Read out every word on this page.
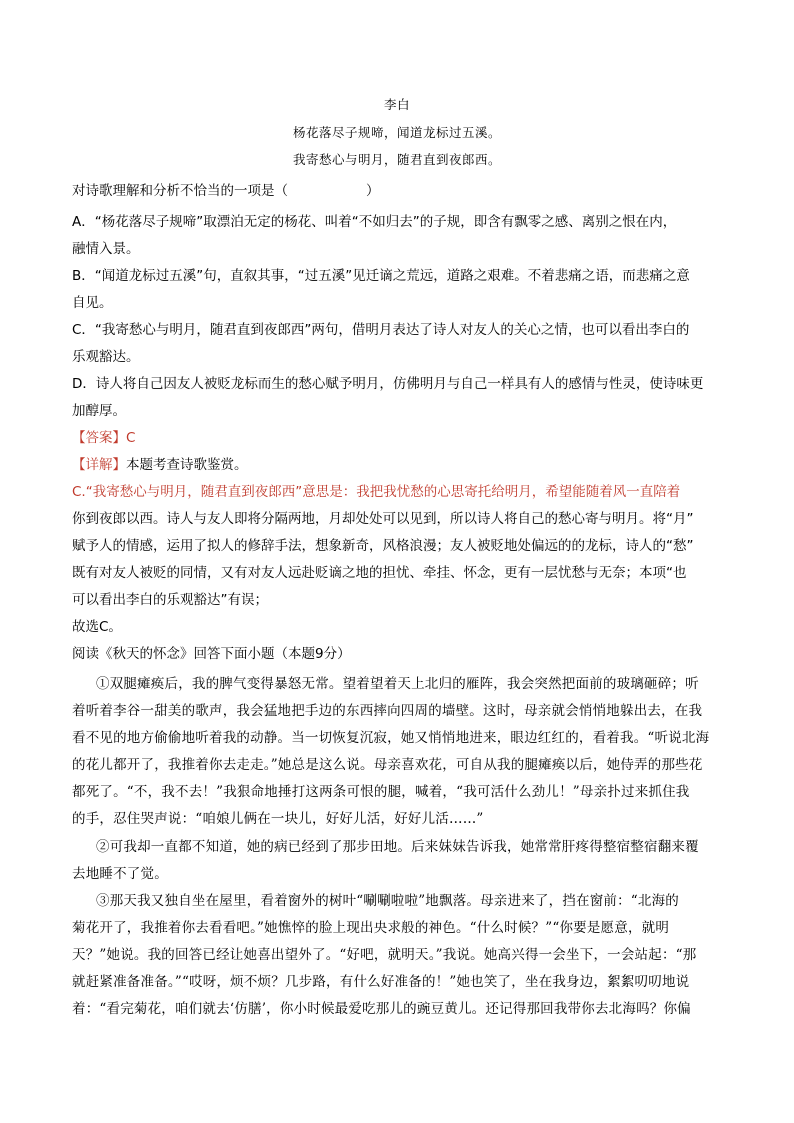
李白
杨花落尽子规啼，闻道龙标过五溪。
我寄愁心与明月，随君直到夜郎西。
对诗歌理解和分析不恰当的一项是（	）
A．“杨花落尽子规啼”取漂泊无定的杨花、叫着“不如归去”的子规，即含有飘零之感、离别之恨在内，
融情入景。
B．“闻道龙标过五溪”句，直叙其事，“过五溪”见迁谪之荒远，道路之艰难。不着悲痛之语，而悲痛之意
自见。
C．“我寄愁心与明月，随君直到夜郎西”两句，借明月表达了诗人对友人的关心之情，也可以看出李白的
乐观豁达。
D．诗人将自己因友人被贬龙标而生的愁心赋予明月，仿佛明月与自己一样具有人的感情与性灵，使诗味更
加醇厚。
【答案】C
【详解】本题考查诗歌鉴赏。
C.“我寄愁心与明月，随君直到夜郎西”意思是：我把我忧愁的心思寄托给明月，希望能随着风一直陪着
你到夜郎以西。诗人与友人即将分隔两地，月却处处可以见到，所以诗人将自己的愁心寄与明月。将“月”
赋予人的情感，运用了拟人的修辞手法，想象新奇，风格浪漫；友人被贬地处偏远的的龙标，诗人的“愁”
既有对友人被贬的同情，又有对友人远赴贬谪之地的担忧、牵挂、怀念，更有一层忧愁与无奈；本项“也
可以看出李白的乐观豁达”有误；
故选C。
阅读《秋天的怀念》回答下面小题（本题9分）
①双腿瘫痪后，我的脾气变得暴怒无常。望着望着天上北归的雁阵，我会突然把面前的玻璃砸碎；听
着听着李谷一甜美的歌声，我会猛地把手边的东西摔向四周的墙壁。这时，母亲就会悄悄地躲出去，在我
看不见的地方偷偷地听着我的动静。当一切恢复沉寂，她又悄悄地进来，眼边红红的，看着我。“听说北海
的花儿都开了，我推着你去走走。”她总是这么说。母亲喜欢花，可自从我的腿瘫痪以后，她侍弄的那些花
都死了。“不，我不去！”我狠命地捶打这两条可恨的腿，喊着，“我可活什么劲儿！”母亲扑过来抓住我
的手，忍住哭声说：“咱娘儿俩在一块儿，好好儿活，好好儿活……”
②可我却一直都不知道，她的病已经到了那步田地。后来妹妹告诉我，她常常肝疼得整宿整宿翻来覆
去地睡不了觉。
③那天我又独自坐在屋里，看着窗外的树叶“唰唰啦啦”地飘落。母亲进来了，挡在窗前：“北海的
菊花开了，我推着你去看看吧。”她憔悴的脸上现出央求般的神色。“什么时候？”“你要是愿意，就明
天？”她说。我的回答已经让她喜出望外了。“好吧，就明天。”我说。她高兴得一会坐下，一会站起：“那
就赶紧准备准备。”“哎呀，烦不烦？几步路，有什么好准备的！”她也笑了，坐在我身边，絮絮叨叨地说
着：“看完菊花，咱们就去‘仿膳’，你小时候最爱吃那儿的豌豆黄儿。还记得那回我带你去北海吗？你偏
